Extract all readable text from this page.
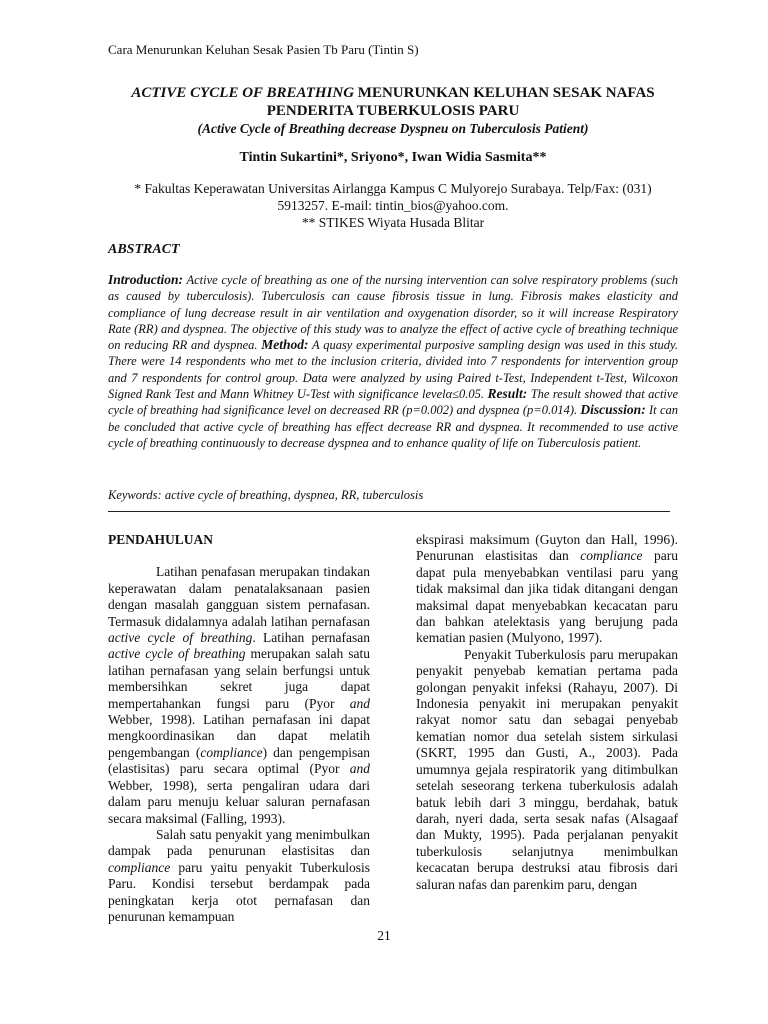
Cara Menurunkan Keluhan Sesak Pasien Tb Paru (Tintin S)
ACTIVE CYCLE OF BREATHING MENURUNKAN KELUHAN SESAK NAFAS
PENDERITA TUBERKULOSIS PARU
(Active Cycle of Breathing decrease Dyspneu on Tuberculosis Patient)
Tintin Sukartini*, Sriyono*, Iwan Widia Sasmita**
* Fakultas Keperawatan Universitas Airlangga Kampus C Mulyorejo Surabaya. Telp/Fax: (031)
5913257. E-mail: tintin_bios@yahoo.com.
** STIKES Wiyata Husada Blitar
ABSTRACT
Introduction: Active cycle of breathing as one of the nursing intervention can solve respiratory problems (such as caused by tuberculosis). Tuberculosis can cause fibrosis tissue in lung. Fibrosis makes elasticity and compliance of lung decrease result in air ventilation and oxygenation disorder, so it will increase Respiratory Rate (RR) and dyspnea. The objective of this study was to analyze the effect of active cycle of breathing technique on reducing RR and dyspnea. Method: A quasy experimental purposive sampling design was used in this study. There were 14 respondents who met to the inclusion criteria, divided into 7 respondents for intervention group and 7 respondents for control group. Data were analyzed by using Paired t-Test, Independent t-Test, Wilcoxon Signed Rank Test and Mann Whitney U-Test with significance levelα≤0.05. Result: The result showed that active cycle of breathing had significance level on decreased RR (p=0.002) and dyspnea (p=0.014). Discussion: It can be concluded that active cycle of breathing has effect decrease RR and dyspnea. It recommended to use active cycle of breathing continuously to decrease dyspnea and to enhance quality of life on Tuberculosis patient.
Keywords: active cycle of breathing, dyspnea, RR, tuberculosis
PENDAHULUAN

Latihan penafasan merupakan tindakan keperawatan dalam penatalaksanaan pasien dengan masalah gangguan sistem pernafasan. Termasuk didalamnya adalah latihan pernafasan active cycle of breathing. Latihan pernafasan active cycle of breathing merupakan salah satu latihan pernafasan yang selain berfungsi untuk membersihkan sekret juga dapat mempertahankan fungsi paru (Pyor and Webber, 1998). Latihan pernafasan ini dapat mengkoordinasikan dan dapat melatih pengembangan (compliance) dan pengempisan (elastisitas) paru secara optimal (Pyor and Webber, 1998), serta pengaliran udara dari dalam paru menuju keluar saluran pernafasan secara maksimal (Falling, 1993).

Salah satu penyakit yang menimbulkan dampak pada penurunan elastisitas dan compliance paru yaitu penyakit Tuberkulosis Paru. Kondisi tersebut berdampak pada peningkatan kerja otot pernafasan dan penurunan kemampuan

ekspirasi maksimum (Guyton dan Hall, 1996). Penurunan elastisitas dan compliance paru dapat pula menyebabkan ventilasi paru yang tidak maksimal dan jika tidak ditangani dengan maksimal dapat menyebabkan kecacatan paru dan bahkan atelektasis yang berujung pada kematian pasien (Mulyono, 1997).

Penyakit Tuberkulosis paru merupakan penyakit penyebab kematian pertama pada golongan penyakit infeksi (Rahayu, 2007). Di Indonesia penyakit ini merupakan penyakit rakyat nomor satu dan sebagai penyebab kematian nomor dua setelah sistem sirkulasi (SKRT, 1995 dan Gusti, A., 2003). Pada umumnya gejala respiratorik yang ditimbulkan setelah seseorang terkena tuberkulosis adalah batuk lebih dari 3 minggu, berdahak, batuk darah, nyeri dada, serta sesak nafas (Alsagaaf dan Mukty, 1995). Pada perjalanan penyakit tuberkulosis selanjutnya menimbulkan kecacatan berupa destruksi atau fibrosis dari saluran nafas dan parenkim paru, dengan

21
